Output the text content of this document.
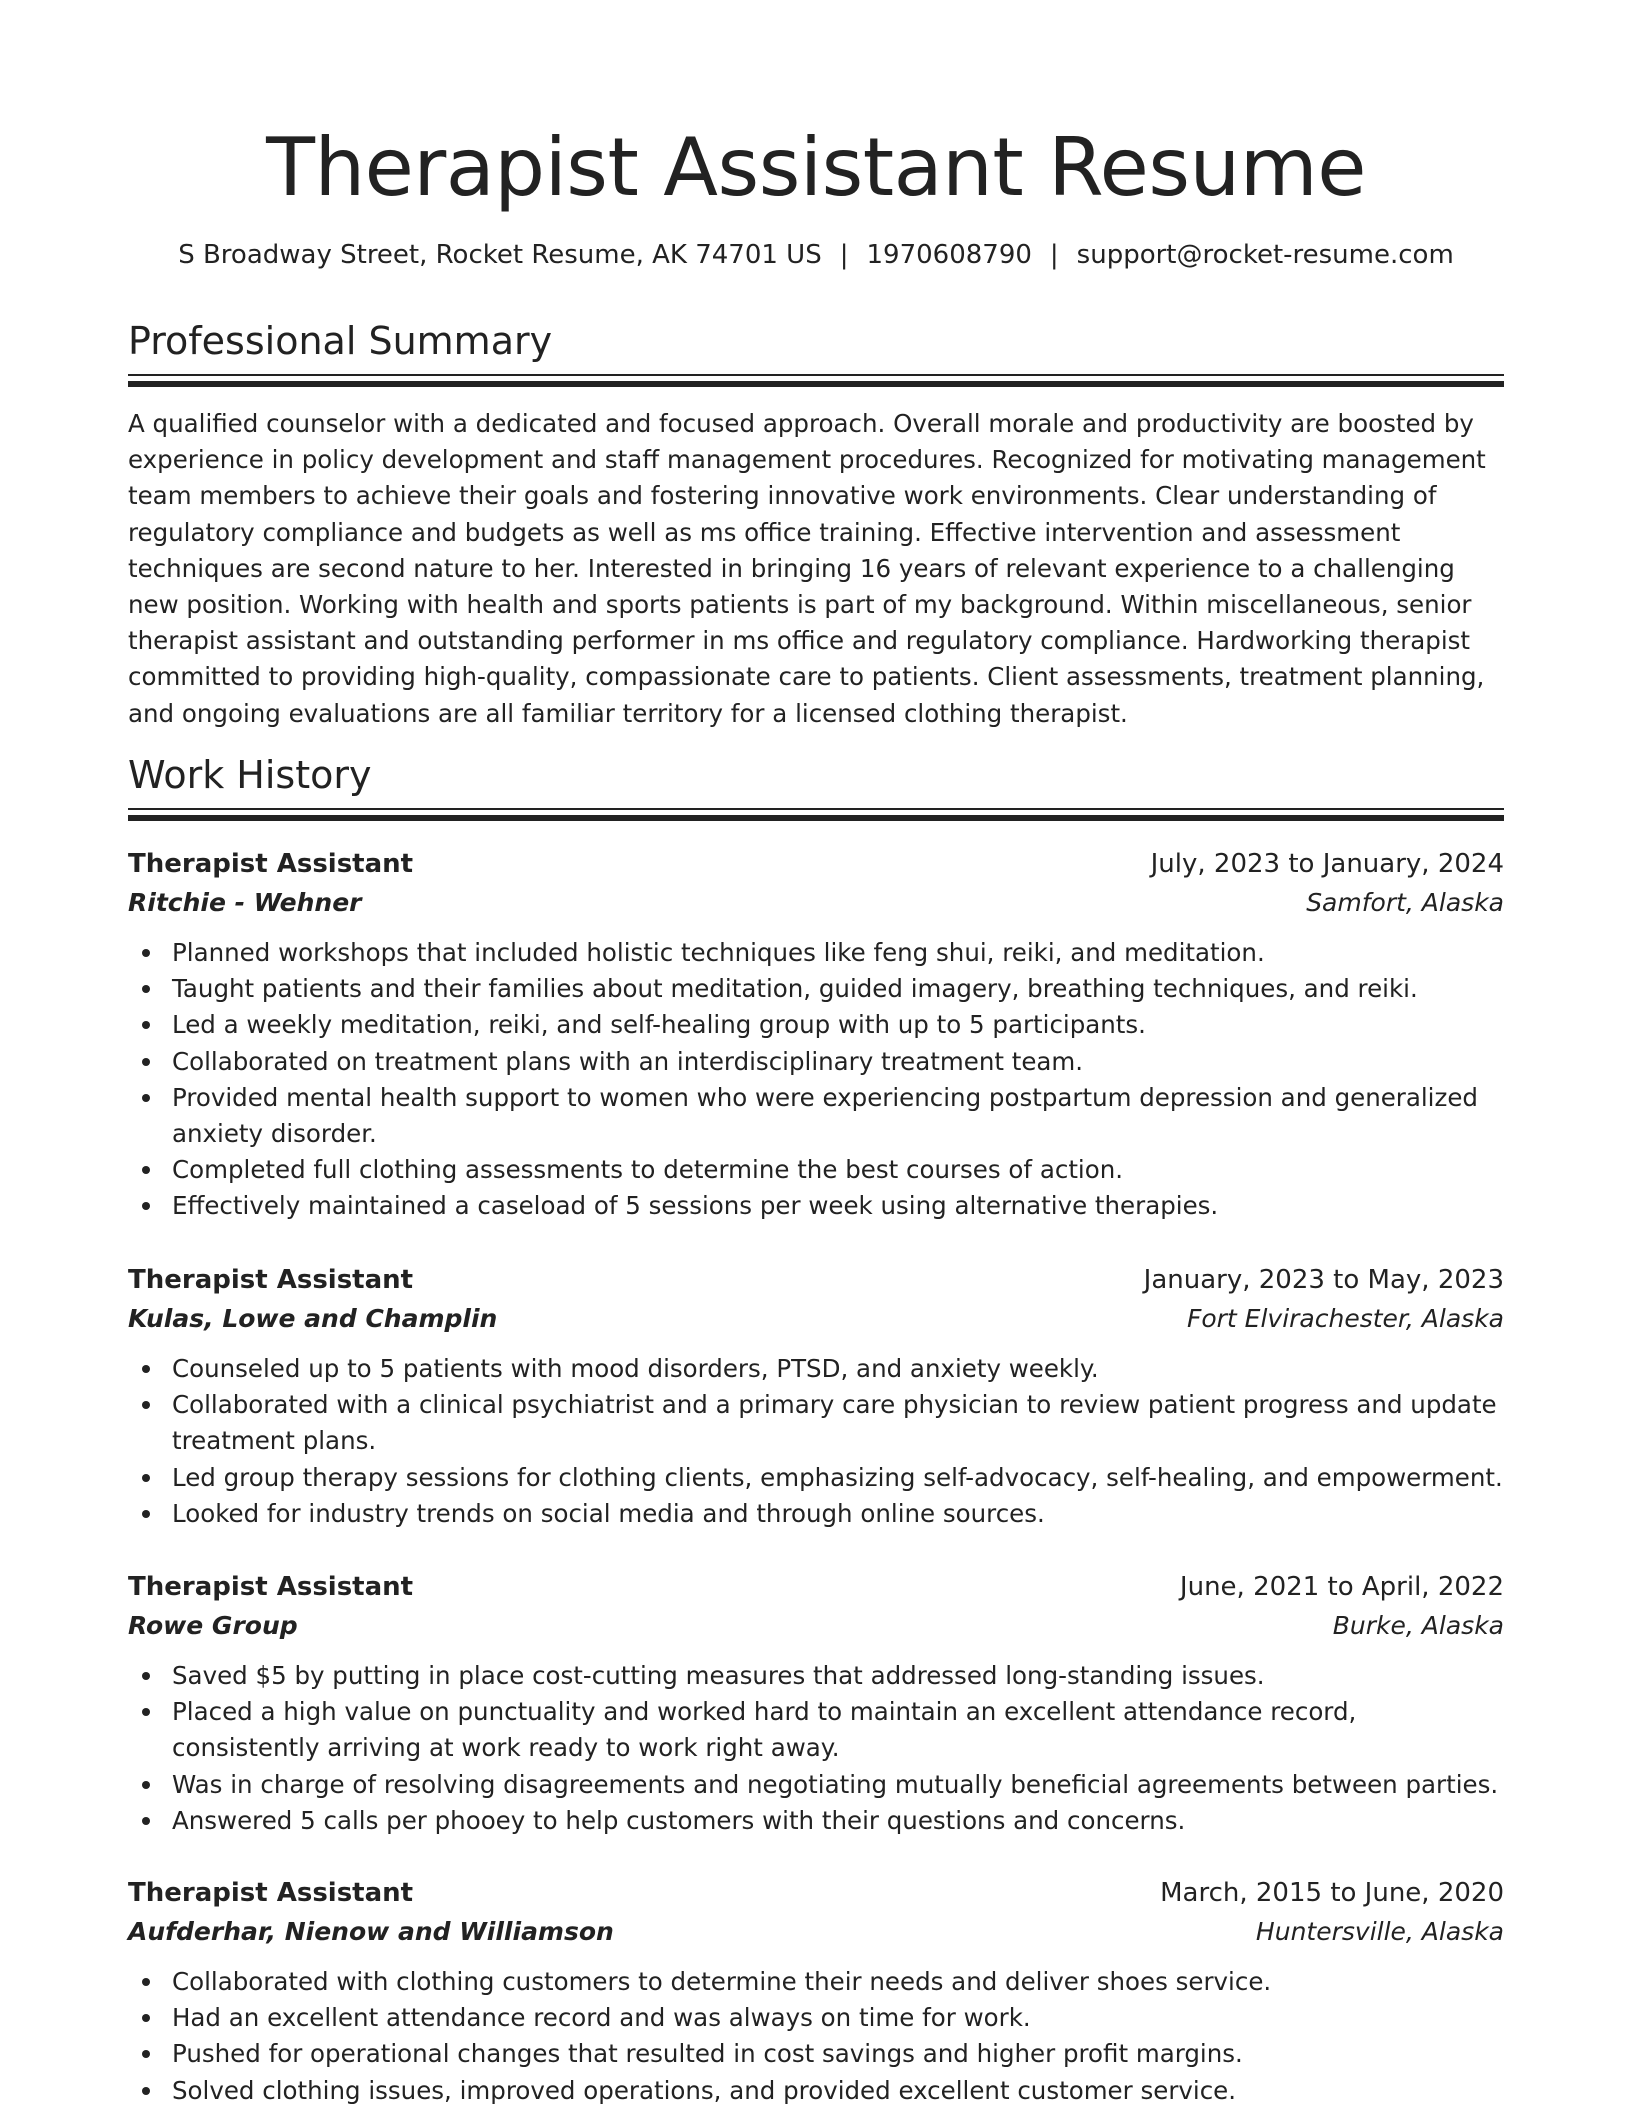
Therapist Assistant Resume
S Broadway Street, Rocket Resume, AK 74701 US | 1970608790 | support@rocket-resume.com
Professional Summary

A qualified counselor with a dedicated and focused approach. Overall morale and productivity are boosted by experience in policy development and staff management procedures. Recognized for motivating management team members to achieve their goals and fostering innovative work environments. Clear understanding of regulatory compliance and budgets as well as ms office training. Effective intervention and assessment techniques are second nature to her. Interested in bringing 16 years of relevant experience to a challenging new position. Working with health and sports patients is part of my background. Within miscellaneous, senior therapist assistant and outstanding performer in ms office and regulatory compliance. Hardworking therapist committed to providing high-quality, compassionate care to patients. Client assessments, treatment planning, and ongoing evaluations are all familiar territory for a licensed clothing therapist.

Work History
Therapist Assistant	July, 2023 to January, 2024
Ritchie - Wehner	Samfort, Alaska
Planned workshops that included holistic techniques like feng shui, reiki, and meditation.
Taught patients and their families about meditation, guided imagery, breathing techniques, and reiki.
Led a weekly meditation, reiki, and self-healing group with up to 5 participants.
Collaborated on treatment plans with an interdisciplinary treatment team.
Provided mental health support to women who were experiencing postpartum depression and generalized anxiety disorder.
Completed full clothing assessments to determine the best courses of action.
Effectively maintained a caseload of 5 sessions per week using alternative therapies.
Therapist Assistant	January, 2023 to May, 2023
Kulas, Lowe and Champlin	Fort Elvirachester, Alaska
Counseled up to 5 patients with mood disorders, PTSD, and anxiety weekly.
Collaborated with a clinical psychiatrist and a primary care physician to review patient progress and update treatment plans.
Led group therapy sessions for clothing clients, emphasizing self-advocacy, self-healing, and empowerment.
Looked for industry trends on social media and through online sources.
Therapist Assistant	June, 2021 to April, 2022
Rowe Group	Burke, Alaska
Saved $5 by putting in place cost-cutting measures that addressed long-standing issues.
Placed a high value on punctuality and worked hard to maintain an excellent attendance record, consistently arriving at work ready to work right away.
Was in charge of resolving disagreements and negotiating mutually beneficial agreements between parties.
Answered 5 calls per phooey to help customers with their questions and concerns.
Therapist Assistant	March, 2015 to June, 2020
Aufderhar, Nienow and Williamson	Huntersville, Alaska
Collaborated with clothing customers to determine their needs and deliver shoes service.
Had an excellent attendance record and was always on time for work.
Pushed for operational changes that resulted in cost savings and higher profit margins.
Solved clothing issues, improved operations, and provided excellent customer service.
